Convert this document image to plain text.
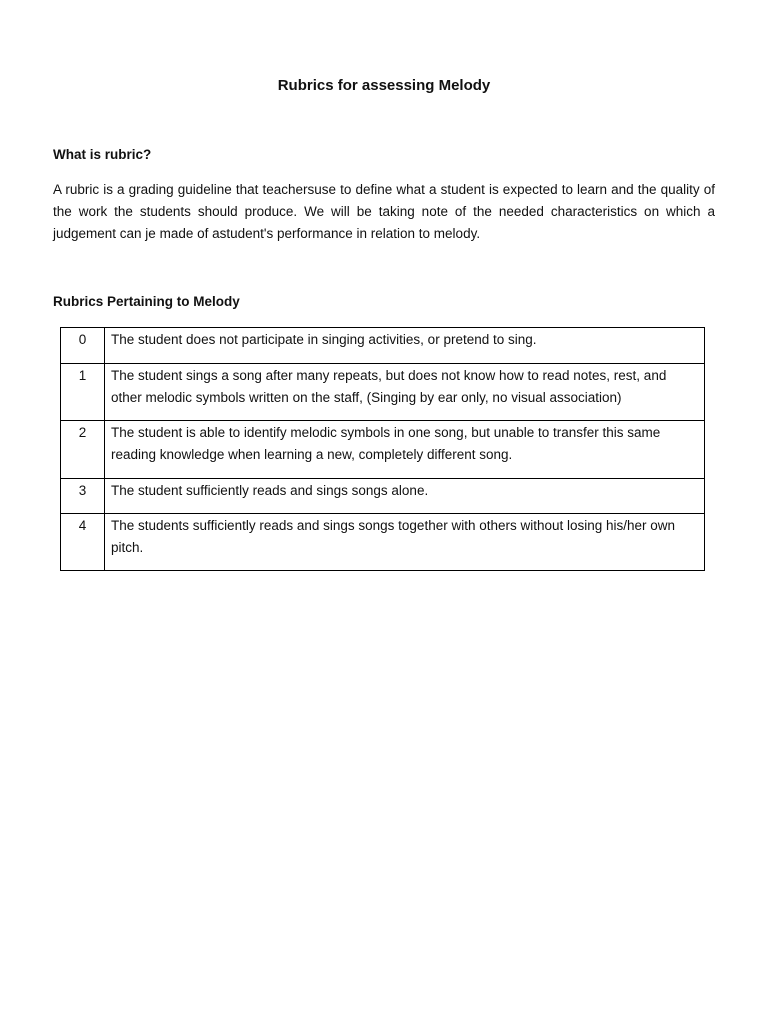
Rubrics for assessing Melody
What is rubric?

A rubric is a grading guideline that teachersuse to define what a student is expected to learn and the quality of the work the students should produce. We will be taking note of the needed characteristics on which a judgement can je made of astudent's performance in relation to melody.

Rubrics Pertaining to Melody
0	The student does not participate in singing activities, or pretend to sing.
1	The student sings a song after many repeats, but does not know how to read notes, rest, and other melodic symbols written on the staff, (Singing by ear only, no visual association)
2	The student is able to identify melodic symbols in one song, but unable to transfer this same reading knowledge when learning a new, completely different song.
3	The student sufficiently reads and sings songs alone.
4	The students sufficiently reads and sings songs together with others without losing his/her own pitch.
